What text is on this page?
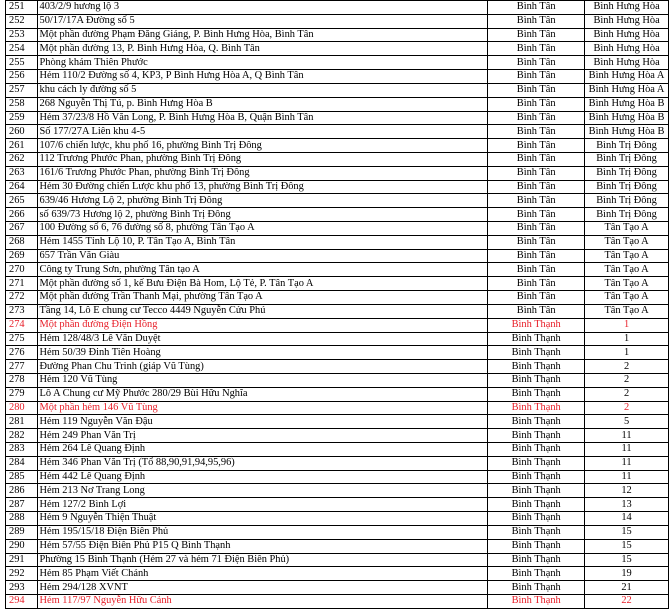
251	403/2/9 hương lộ 3	Bình Tân	Bình Hưng Hòa
252	50/17/17A Đường số 5	Bình Tân	Bình Hưng Hòa
253	Một phần đường Phạm Đăng Giảng, P. Bình Hưng Hòa, Bình Tân	Bình Tân	Bình Hưng Hòa
254	Một phần đường 13, P. Bình Hưng Hòa, Q. Bình Tân	Bình Tân	Bình Hưng Hòa
255	Phòng khám Thiên Phước	Bình Tân	Bình Hưng Hòa
256	Hẻm 110/2 Đường số 4, KP3, P Bình Hưng Hòa A, Q Bình Tân	Bình Tân	Bình Hưng Hòa A
257	khu cách ly đường số 5	Bình Tân	Bình Hưng Hòa A
258	268 Nguyễn Thị Tú, p. Bình Hưng Hòa B	Bình Tân	Bình Hưng Hòa B
259	Hẻm 37/23/8 Hồ Văn Long, P. Bình Hưng Hòa B, Quận Bình Tân	Bình Tân	Bình Hưng Hòa B
260	Số 177/27A Liên khu 4-5	Bình Tân	Bình Hưng Hòa B
261	107/6 chiến lược, khu phố 16, phường Bình Trị Đông	Bình Tân	Bình Trị Đông
262	112 Trương Phước Phan, phường Bình Trị Đông	Bình Tân	Bình Trị Đông
263	161/6 Trương Phước Phan, phường Bình Trị Đông	Bình Tân	Bình Trị Đông
264	Hẻm 30 Đường chiến Lược khu phố 13, phường Bình Trị Đông	Bình Tân	Bình Trị Đông
265	639/46 Hương Lộ 2, phường Bình Trị Đông	Bình Tân	Bình Trị Đông
266	số 639/73 Hương lộ 2, phường Bình Trị Đông	Bình Tân	Bình Trị Đông
267	100 Đường số 6, 76 đường số 8, phường Tân Tạo A	Bình Tân	Tân Tạo A
268	Hẻm 1455 Tỉnh Lộ 10, P. Tân Tạo A, Bình Tân	Bình Tân	Tân Tạo A
269	657 Trần Văn Giàu	Bình Tân	Tân Tạo A
270	Công ty Trung Sơn, phường Tân tạo A	Bình Tân	Tân Tạo A
271	Một phần đường số 1, kế Bưu Điện Bà Hom, Lộ Tẻ, P. Tân Tạo A	Bình Tân	Tân Tạo A
272	Một phần đường Trần Thanh Mại, phường Tân Tạo A	Bình Tân	Tân Tạo A
273	Tầng 14, Lô E chung cư Tecco 4449 Nguyễn Cửu Phú	Bình Tân	Tân Tạo A
274	Một phần đường Điện Hồng	Bình Thạnh	1
275	Hẻm 128/48/3 Lê Văn Duyệt	Bình Thạnh	1
276	Hẻm 50/39 Đinh Tiên Hoàng	Bình Thạnh	1
277	Đường Phan Chu Trinh (giáp Vũ Tùng)	Bình Thạnh	2
278	Hẻm 120 Vũ Tùng	Bình Thạnh	2
279	Lô A Chung cư Mỹ Phước 280/29 Bùi Hữu Nghĩa	Bình Thạnh	2
280	Một phần hẻm 146 Vũ Tùng	Bình Thạnh	2
281	Hẻm 119 Nguyễn Văn Đậu	Bình Thạnh	5
282	Hẻm 249 Phan Văn Trị	Bình Thạnh	11
283	Hẻm 264 Lê Quang Định	Bình Thạnh	11
284	Hẻm 346 Phan Văn Trị (Tổ 88,90,91,94,95,96)	Bình Thạnh	11
285	Hẻm 442 Lê Quang Định	Bình Thạnh	11
286	Hẻm 213 Nơ Trang Long	Bình Thạnh	12
287	Hẻm 127/2 Bình Lợi	Bình Thạnh	13
288	Hẻm 9 Nguyễn Thiện Thuật	Bình Thạnh	14
289	Hẻm 195/15/18 Điện Biên Phủ	Bình Thạnh	15
290	Hẻm 57/55 Điện Biên Phủ P15 Q Bình Thạnh	Bình Thạnh	15
291	Phường 15 Bình Thạnh (Hẻm 27 và hẻm 71 Điện Biên Phủ)	Bình Thạnh	15
292	Hẻm 85 Phạm Viết Chánh	Bình Thạnh	19
293	Hẻm 294/128 XVNT	Bình Thạnh	21
294	Hẻm 117/97 Nguyễn Hữu Cảnh	Bình Thạnh	22
